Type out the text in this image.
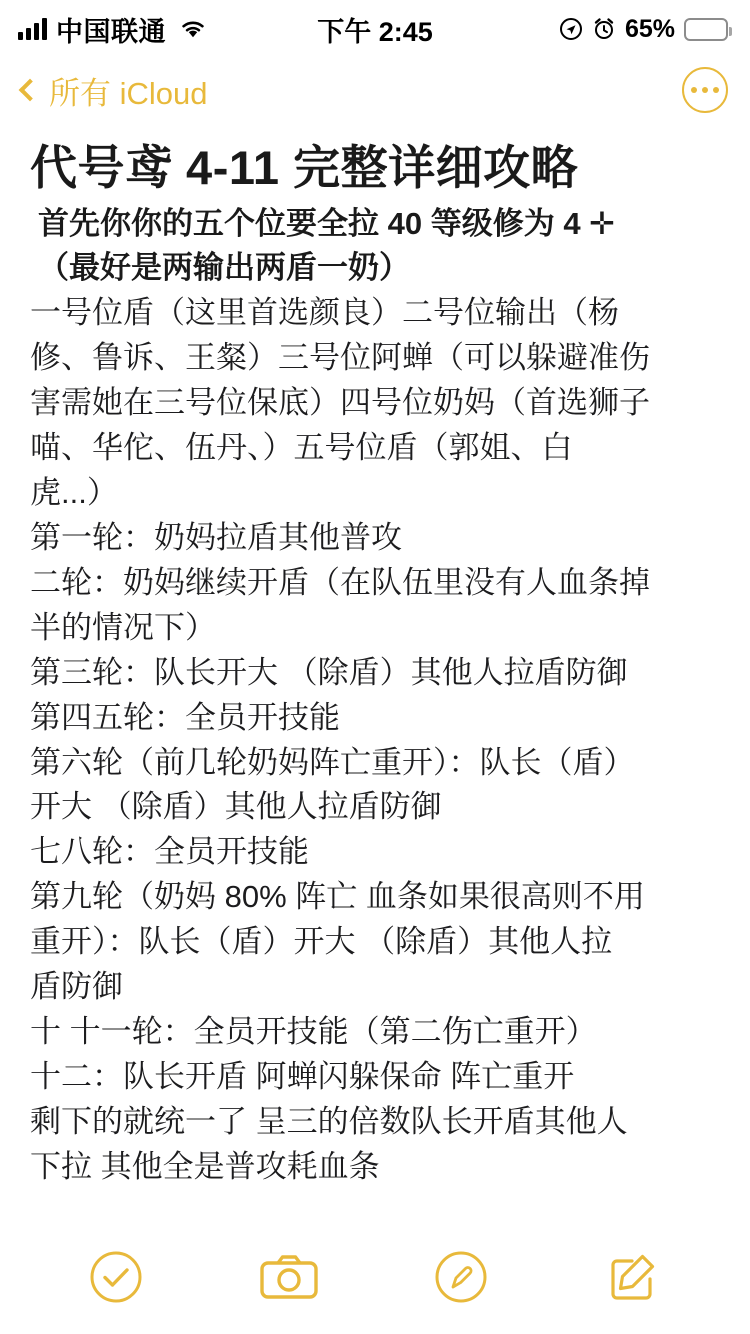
中国联通	下午 2:45	65% ⚡
所有 iCloud
代号鸢 4-11 完整详细攻略

首先你你的五个位要全拉 40 等级修为 4 ✛

（最好是两输出两盾一奶）

一号位盾（这里首选颜良）二号位输出（杨

修、鲁诉、王粲）三号位阿蝉（可以躲避准伤

害需她在三号位保底）四号位奶妈（首选狮子

喵、华佗、伍丹、）五号位盾（郭姐、白

虎...）

第一轮：奶妈拉盾其他普攻

二轮：奶妈继续开盾（在队伍里没有人血条掉

半的情况下）

第三轮：队长开大 （除盾）其他人拉盾防御

第四五轮：全员开技能

第六轮（前几轮奶妈阵亡重开）：队长（盾）

开大 （除盾）其他人拉盾防御

七八轮：全员开技能

第九轮（奶妈 80% 阵亡 血条如果很高则不用

重开）：队长（盾）开大 （除盾）其他人拉

盾防御

十 十一轮：全员开技能（第二伤亡重开）

十二：队长开盾 阿蝉闪躲保命 阵亡重开

剩下的就统一了 呈三的倍数队长开盾其他人

下拉 其他全是普攻耗血条
